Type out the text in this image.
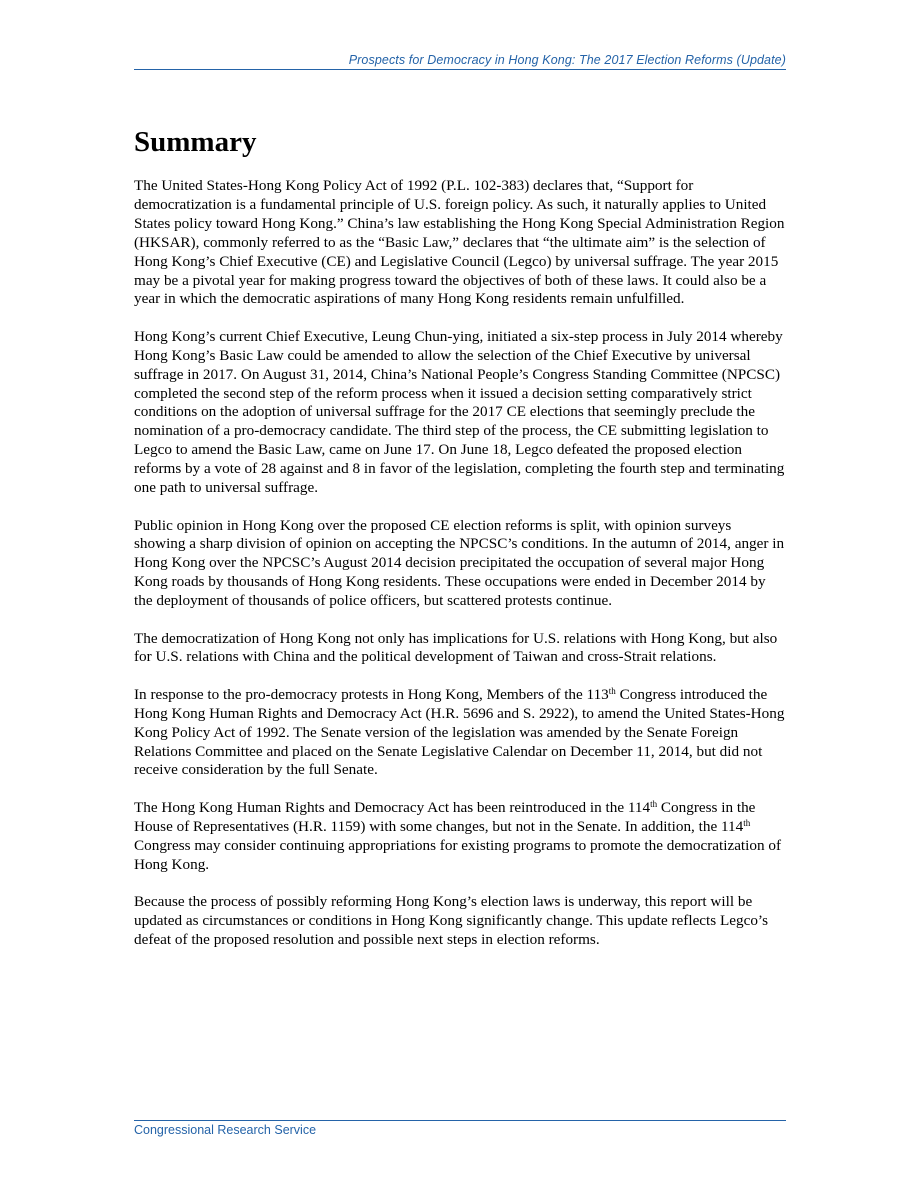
Prospects for Democracy in Hong Kong: The 2017 Election Reforms (Update)
Summary

The United States-Hong Kong Policy Act of 1992 (P.L. 102-383) declares that, “Support for democratization is a fundamental principle of U.S. foreign policy. As such, it naturally applies to United States policy toward Hong Kong.” China’s law establishing the Hong Kong Special Administration Region (HKSAR), commonly referred to as the “Basic Law,” declares that “the ultimate aim” is the selection of Hong Kong’s Chief Executive (CE) and Legislative Council (Legco) by universal suffrage. The year 2015 may be a pivotal year for making progress toward the objectives of both of these laws. It could also be a year in which the democratic aspirations of many Hong Kong residents remain unfulfilled.

Hong Kong’s current Chief Executive, Leung Chun-ying, initiated a six-step process in July 2014 whereby Hong Kong’s Basic Law could be amended to allow the selection of the Chief Executive by universal suffrage in 2017. On August 31, 2014, China’s National People’s Congress Standing Committee (NPCSC) completed the second step of the reform process when it issued a decision setting comparatively strict conditions on the adoption of universal suffrage for the 2017 CE elections that seemingly preclude the nomination of a pro-democracy candidate. The third step of the process, the CE submitting legislation to Legco to amend the Basic Law, came on June 17. On June 18, Legco defeated the proposed election reforms by a vote of 28 against and 8 in favor of the legislation, completing the fourth step and terminating one path to universal suffrage.

Public opinion in Hong Kong over the proposed CE election reforms is split, with opinion surveys showing a sharp division of opinion on accepting the NPCSC’s conditions. In the autumn of 2014, anger in Hong Kong over the NPCSC’s August 2014 decision precipitated the occupation of several major Hong Kong roads by thousands of Hong Kong residents. These occupations were ended in December 2014 by the deployment of thousands of police officers, but scattered protests continue.

The democratization of Hong Kong not only has implications for U.S. relations with Hong Kong, but also for U.S. relations with China and the political development of Taiwan and cross-Strait relations.

In response to the pro-democracy protests in Hong Kong, Members of the 113th Congress introduced the Hong Kong Human Rights and Democracy Act (H.R. 5696 and S. 2922), to amend the United States-Hong Kong Policy Act of 1992. The Senate version of the legislation was amended by the Senate Foreign Relations Committee and placed on the Senate Legislative Calendar on December 11, 2014, but did not receive consideration by the full Senate.

The Hong Kong Human Rights and Democracy Act has been reintroduced in the 114th Congress in the House of Representatives (H.R. 1159) with some changes, but not in the Senate. In addition, the 114th Congress may consider continuing appropriations for existing programs to promote the democratization of Hong Kong.

Because the process of possibly reforming Hong Kong’s election laws is underway, this report will be updated as circumstances or conditions in Hong Kong significantly change. This update reflects Legco’s defeat of the proposed resolution and possible next steps in election reforms.

Congressional Research Service
